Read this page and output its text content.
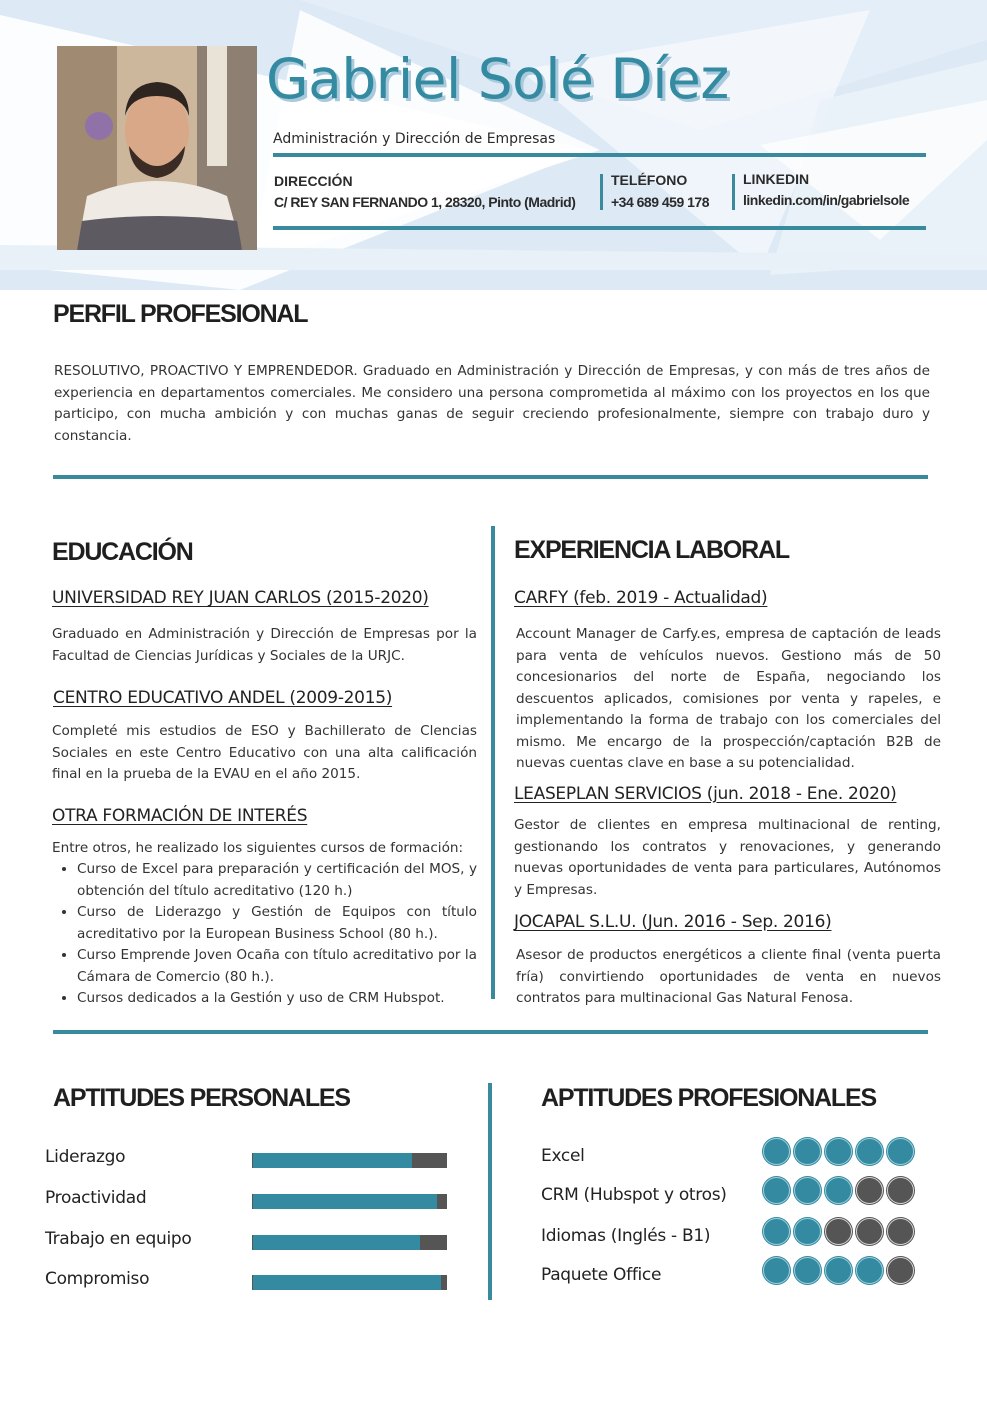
Gabriel Solé Díez
Administración y Dirección de Empresas
DIRECCIÓN
C/ REY SAN FERNANDO 1, 28320, Pinto (Madrid)
TELÉFONO
+34 689 459 178
LINKEDIN
linkedin.com/in/gabrielsole
PERFIL PROFESIONAL
RESOLUTIVO, PROACTIVO Y EMPRENDEDOR. Graduado en Administración y Dirección de Empresas, y con más de tres años de experiencia en departamentos comerciales. Me considero una persona comprometida al máximo con los proyectos en los que participo, con mucha ambición y con muchas ganas de seguir creciendo profesionalmente, siempre con trabajo duro y constancia.
EDUCACIÓN
UNIVERSIDAD REY JUAN CARLOS (2015-2020)
Graduado en Administración y Dirección de Empresas por la Facultad de Ciencias Jurídicas y Sociales de la URJC.
CENTRO EDUCATIVO ANDEL (2009-2015)
Completé mis estudios de ESO y Bachillerato de Clencias Sociales en este Centro Educativo con una alta calificación final en la prueba de la EVAU en el año 2015.
OTRA FORMACIÓN DE INTERÉS
Entre otros, he realizado los siguientes cursos de formación:
• Curso de Excel para preparación y certificación del MOS, y obtención del título acreditativo (120 h.)
• Curso de Liderazgo y Gestión de Equipos con título acreditativo por la European Business School (80 h.).
• Curso Emprende Joven Ocaña con título acreditativo por la Cámara de Comercio (80 h.).
• Cursos dedicados a la Gestión y uso de CRM Hubspot.
EXPERIENCIA LABORAL
CARFY (feb. 2019 - Actualidad)
Account Manager de Carfy.es, empresa de captación de leads para venta de vehículos nuevos. Gestiono más de 50 concesionarios del norte de España, negociando los descuentos aplicados, comisiones por venta y rapeles, e implementando la forma de trabajo con los comerciales del mismo. Me encargo de la prospección/captación B2B de nuevas cuentas clave en base a su potencialidad.
LEASEPLAN SERVICIOS (jun. 2018 - Ene. 2020)
Gestor de clientes en empresa multinacional de renting, gestionando los contratos y renovaciones, y generando nuevas oportunidades de venta para particulares, Autónomos y Empresas.
JOCAPAL S.L.U. (Jun. 2016 - Sep. 2016)
Asesor de productos energéticos a cliente final (venta puerta fría) convirtiendo oportunidades de venta en nuevos contratos para multinacional Gas Natural Fenosa.
APTITUDES PERSONALES
Liderazgo
Proactividad
Trabajo en equipo
Compromiso
APTITUDES PROFESIONALES
Excel
CRM (Hubspot y otros)
Idiomas (Inglés - B1)
Paquete Office
